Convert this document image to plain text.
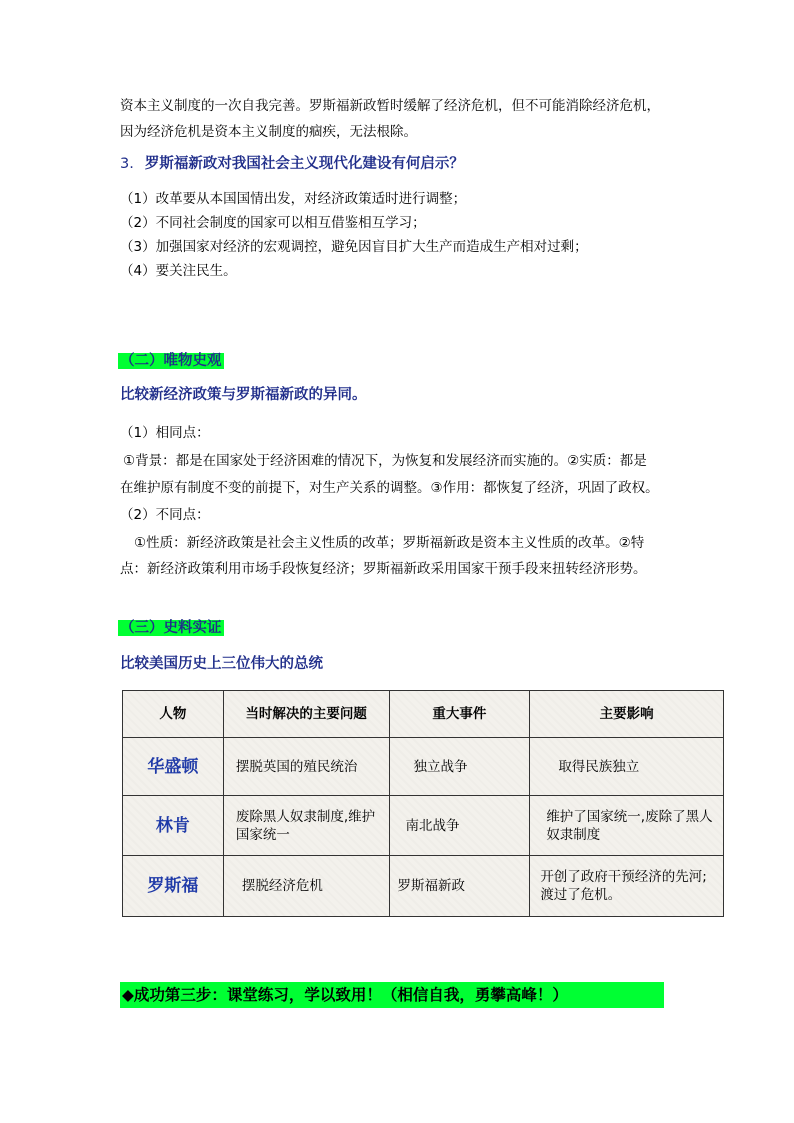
资本主义制度的一次自我完善。罗斯福新政暂时缓解了经济危机，但不可能消除经济危机，
因为经济危机是资本主义制度的痼疾，无法根除。
3. 罗斯福新政对我国社会主义现代化建设有何启示？
（1）改革要从本国国情出发，对经济政策适时进行调整；
（2）不同社会制度的国家可以相互借鉴相互学习；
（3）加强国家对经济的宏观调控，避免因盲目扩大生产而造成生产相对过剩；
（4）要关注民生。
（二）唯物史观
比较新经济政策与罗斯福新政的异同。
（1）相同点：
①背景：都是在国家处于经济困难的情况下，为恢复和发展经济而实施的。②实质：都是
在维护原有制度不变的前提下，对生产关系的调整。③作用：都恢复了经济，巩固了政权。
（2）不同点：
①性质：新经济政策是社会主义性质的改革；罗斯福新政是资本主义性质的改革。②特
点：新经济政策利用市场手段恢复经济；罗斯福新政采用国家干预手段来扭转经济形势。
（三）史料实证
比较美国历史上三位伟大的总统
人物	当时解决的主要问题	重大事件	主要影响
华盛顿	摆脱英国的殖民统治	独立战争	取得民族独立
林肯	废除黑人奴隶制度,维护国家统一	南北战争	维护了国家统一,废除了黑人奴隶制度
罗斯福	摆脱经济危机	罗斯福新政	开创了政府干预经济的先河;渡过了危机。
◆成功第三步：课堂练习，学以致用！（相信自我，勇攀高峰！）
